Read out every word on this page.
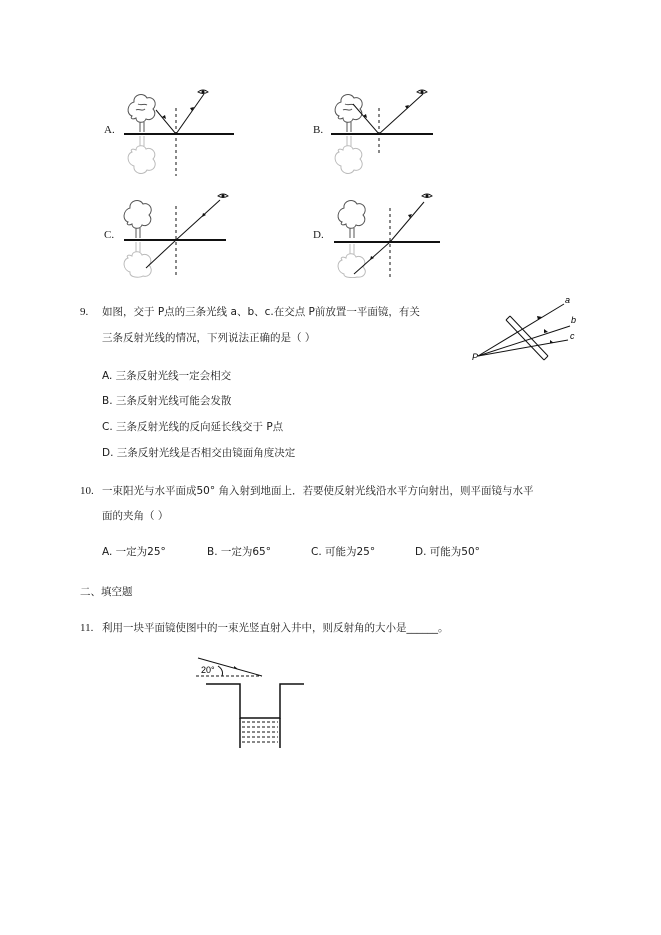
A.	B.
C.	D.
9. 如图，交于 P点的三条光线 a、b、c.在交点 P前放置一平面镜，有关
三条反射光线的情况，下列说法正确的是（ ）
P
a
b
c
A. 三条反射光线一定会相交
B. 三条反射光线可能会发散
C. 三条反射光线的反向延长线交于 P点
D. 三条反射光线是否相交由镜面角度决定
10. 一束阳光与水平面成50° 角入射到地面上．若要使反射光线沿水平方向射出，则平面镜与水平
面的夹角（ ）
A. 一定为25°	B. 一定为65°	C. 可能为25°	D. 可能为50°
二、填空题
11. 利用一块平面镜使图中的一束光竖直射入井中，则反射角的大小是______。
20°
